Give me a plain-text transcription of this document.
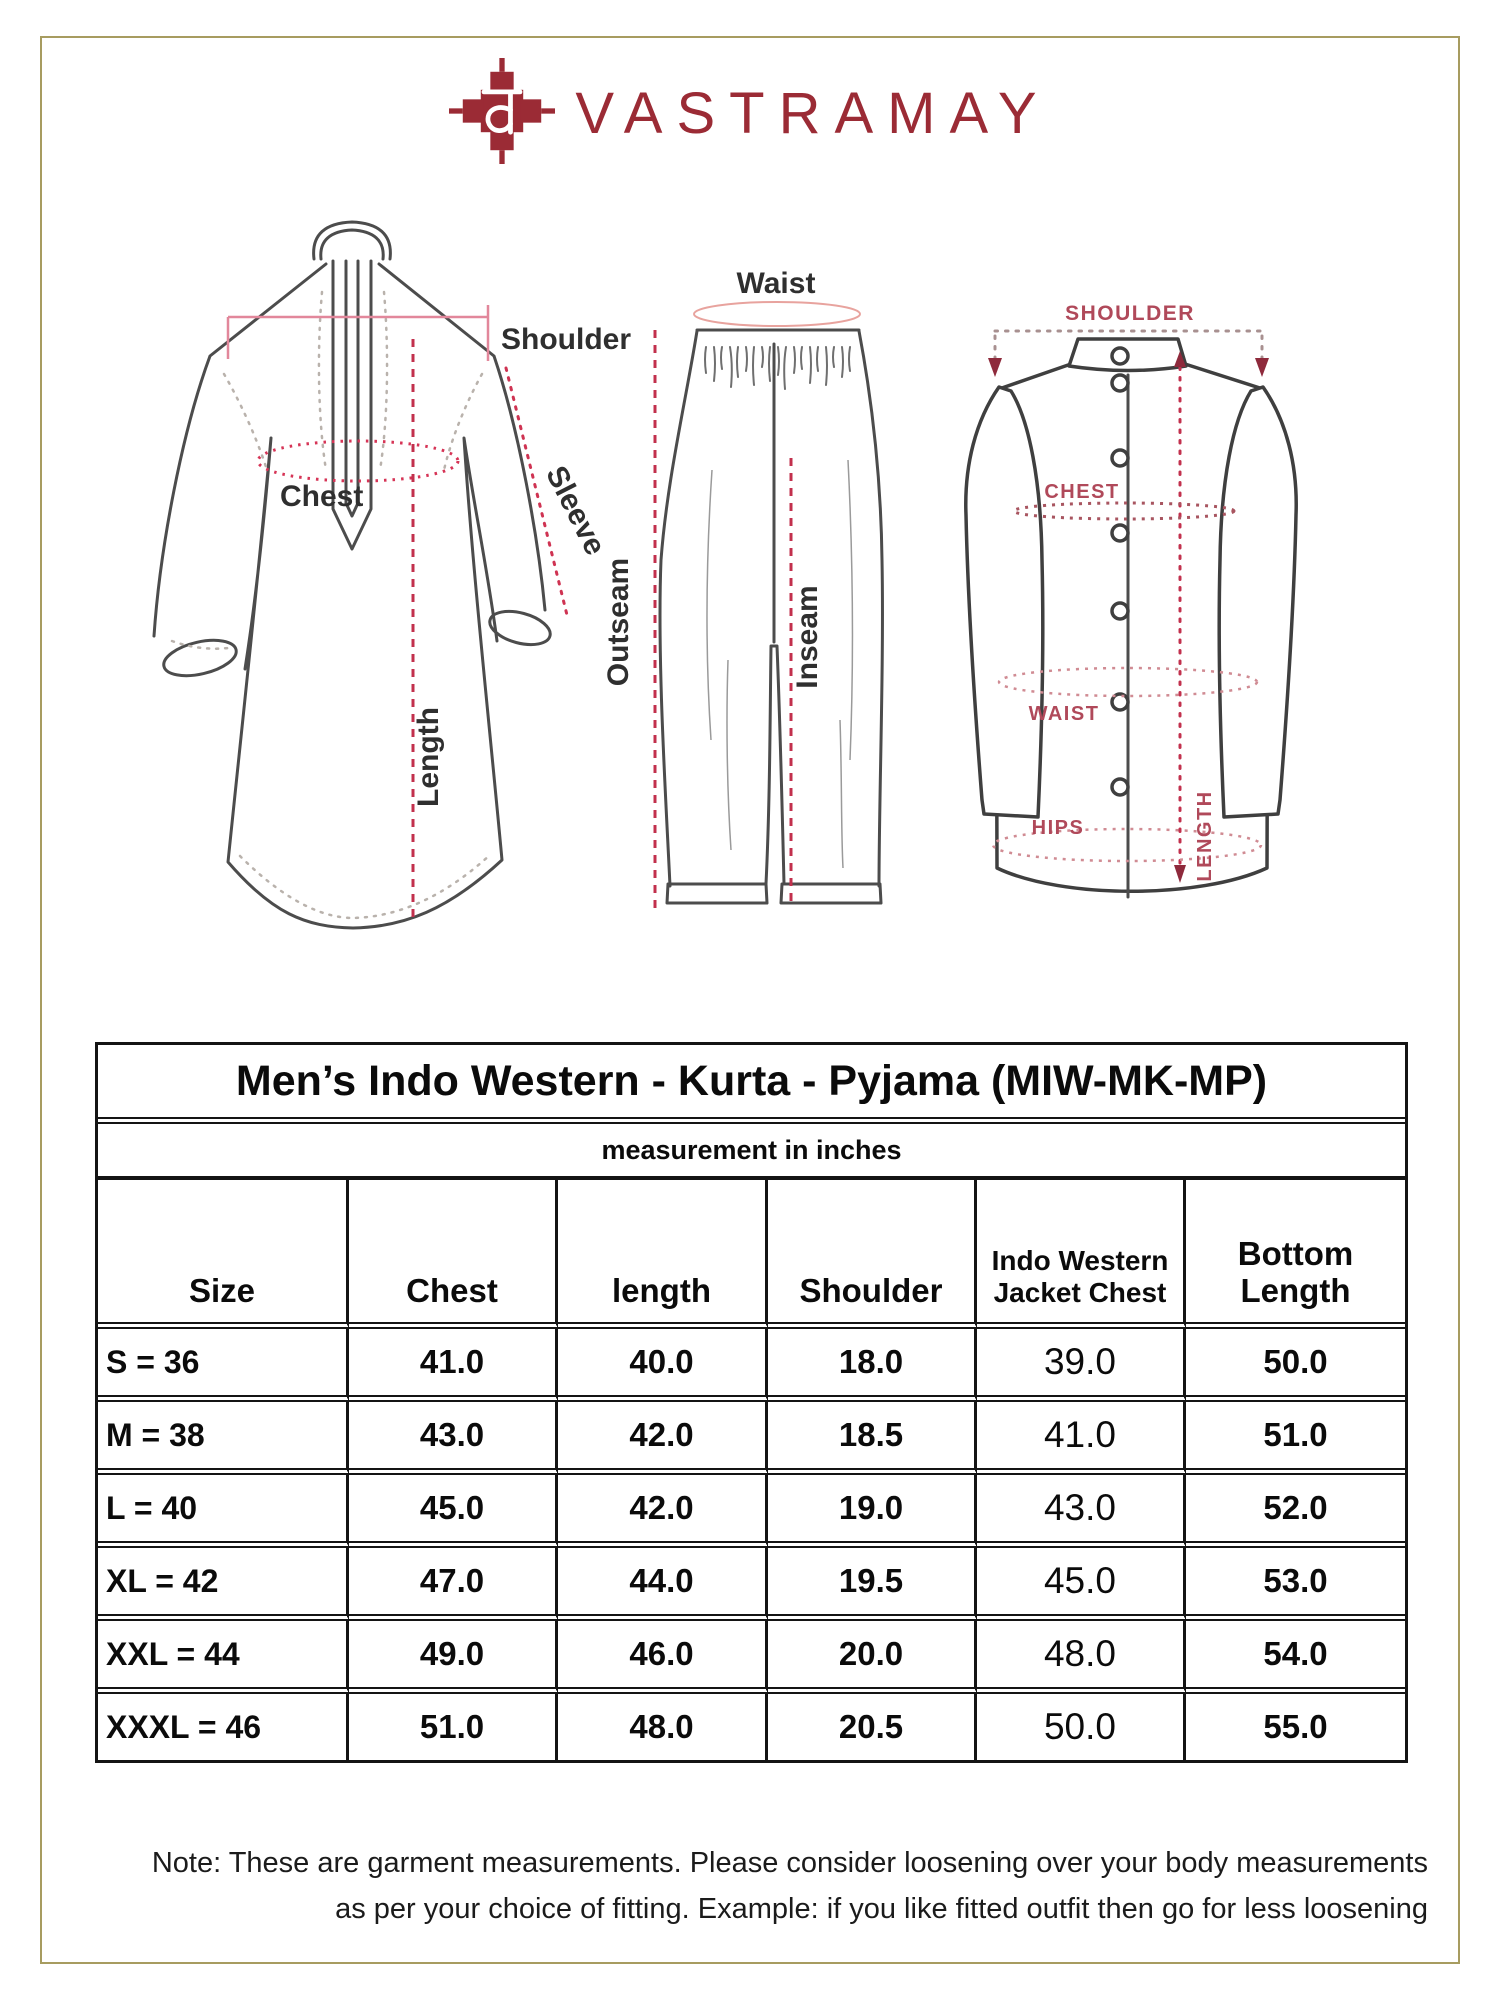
VASTRAMAY
Shoulder
Chest	Sleeve
Length
Waist
Outseam	Inseam
SHOULDER
CHEST
WAIST
HIPS	LENGTH
Men’s Indo Western - Kurta - Pyjama (MIW-MK-MP)					
measurement in inches					
Size	Chest	length	Shoulder	Indo Western Jacket Chest	Bottom Length
S = 36	41.0	40.0	18.0	39.0	50.0
M = 38	43.0	42.0	18.5	41.0	51.0
L = 40	45.0	42.0	19.0	43.0	52.0
XL = 42	47.0	44.0	19.5	45.0	53.0
XXL = 44	49.0	46.0	20.0	48.0	54.0
XXXL = 46	51.0	48.0	20.5	50.0	55.0
Note: These are garment measurements. Please consider loosening over your body measurements
as per your choice of fitting. Example: if you like fitted outfit then go for less loosening
